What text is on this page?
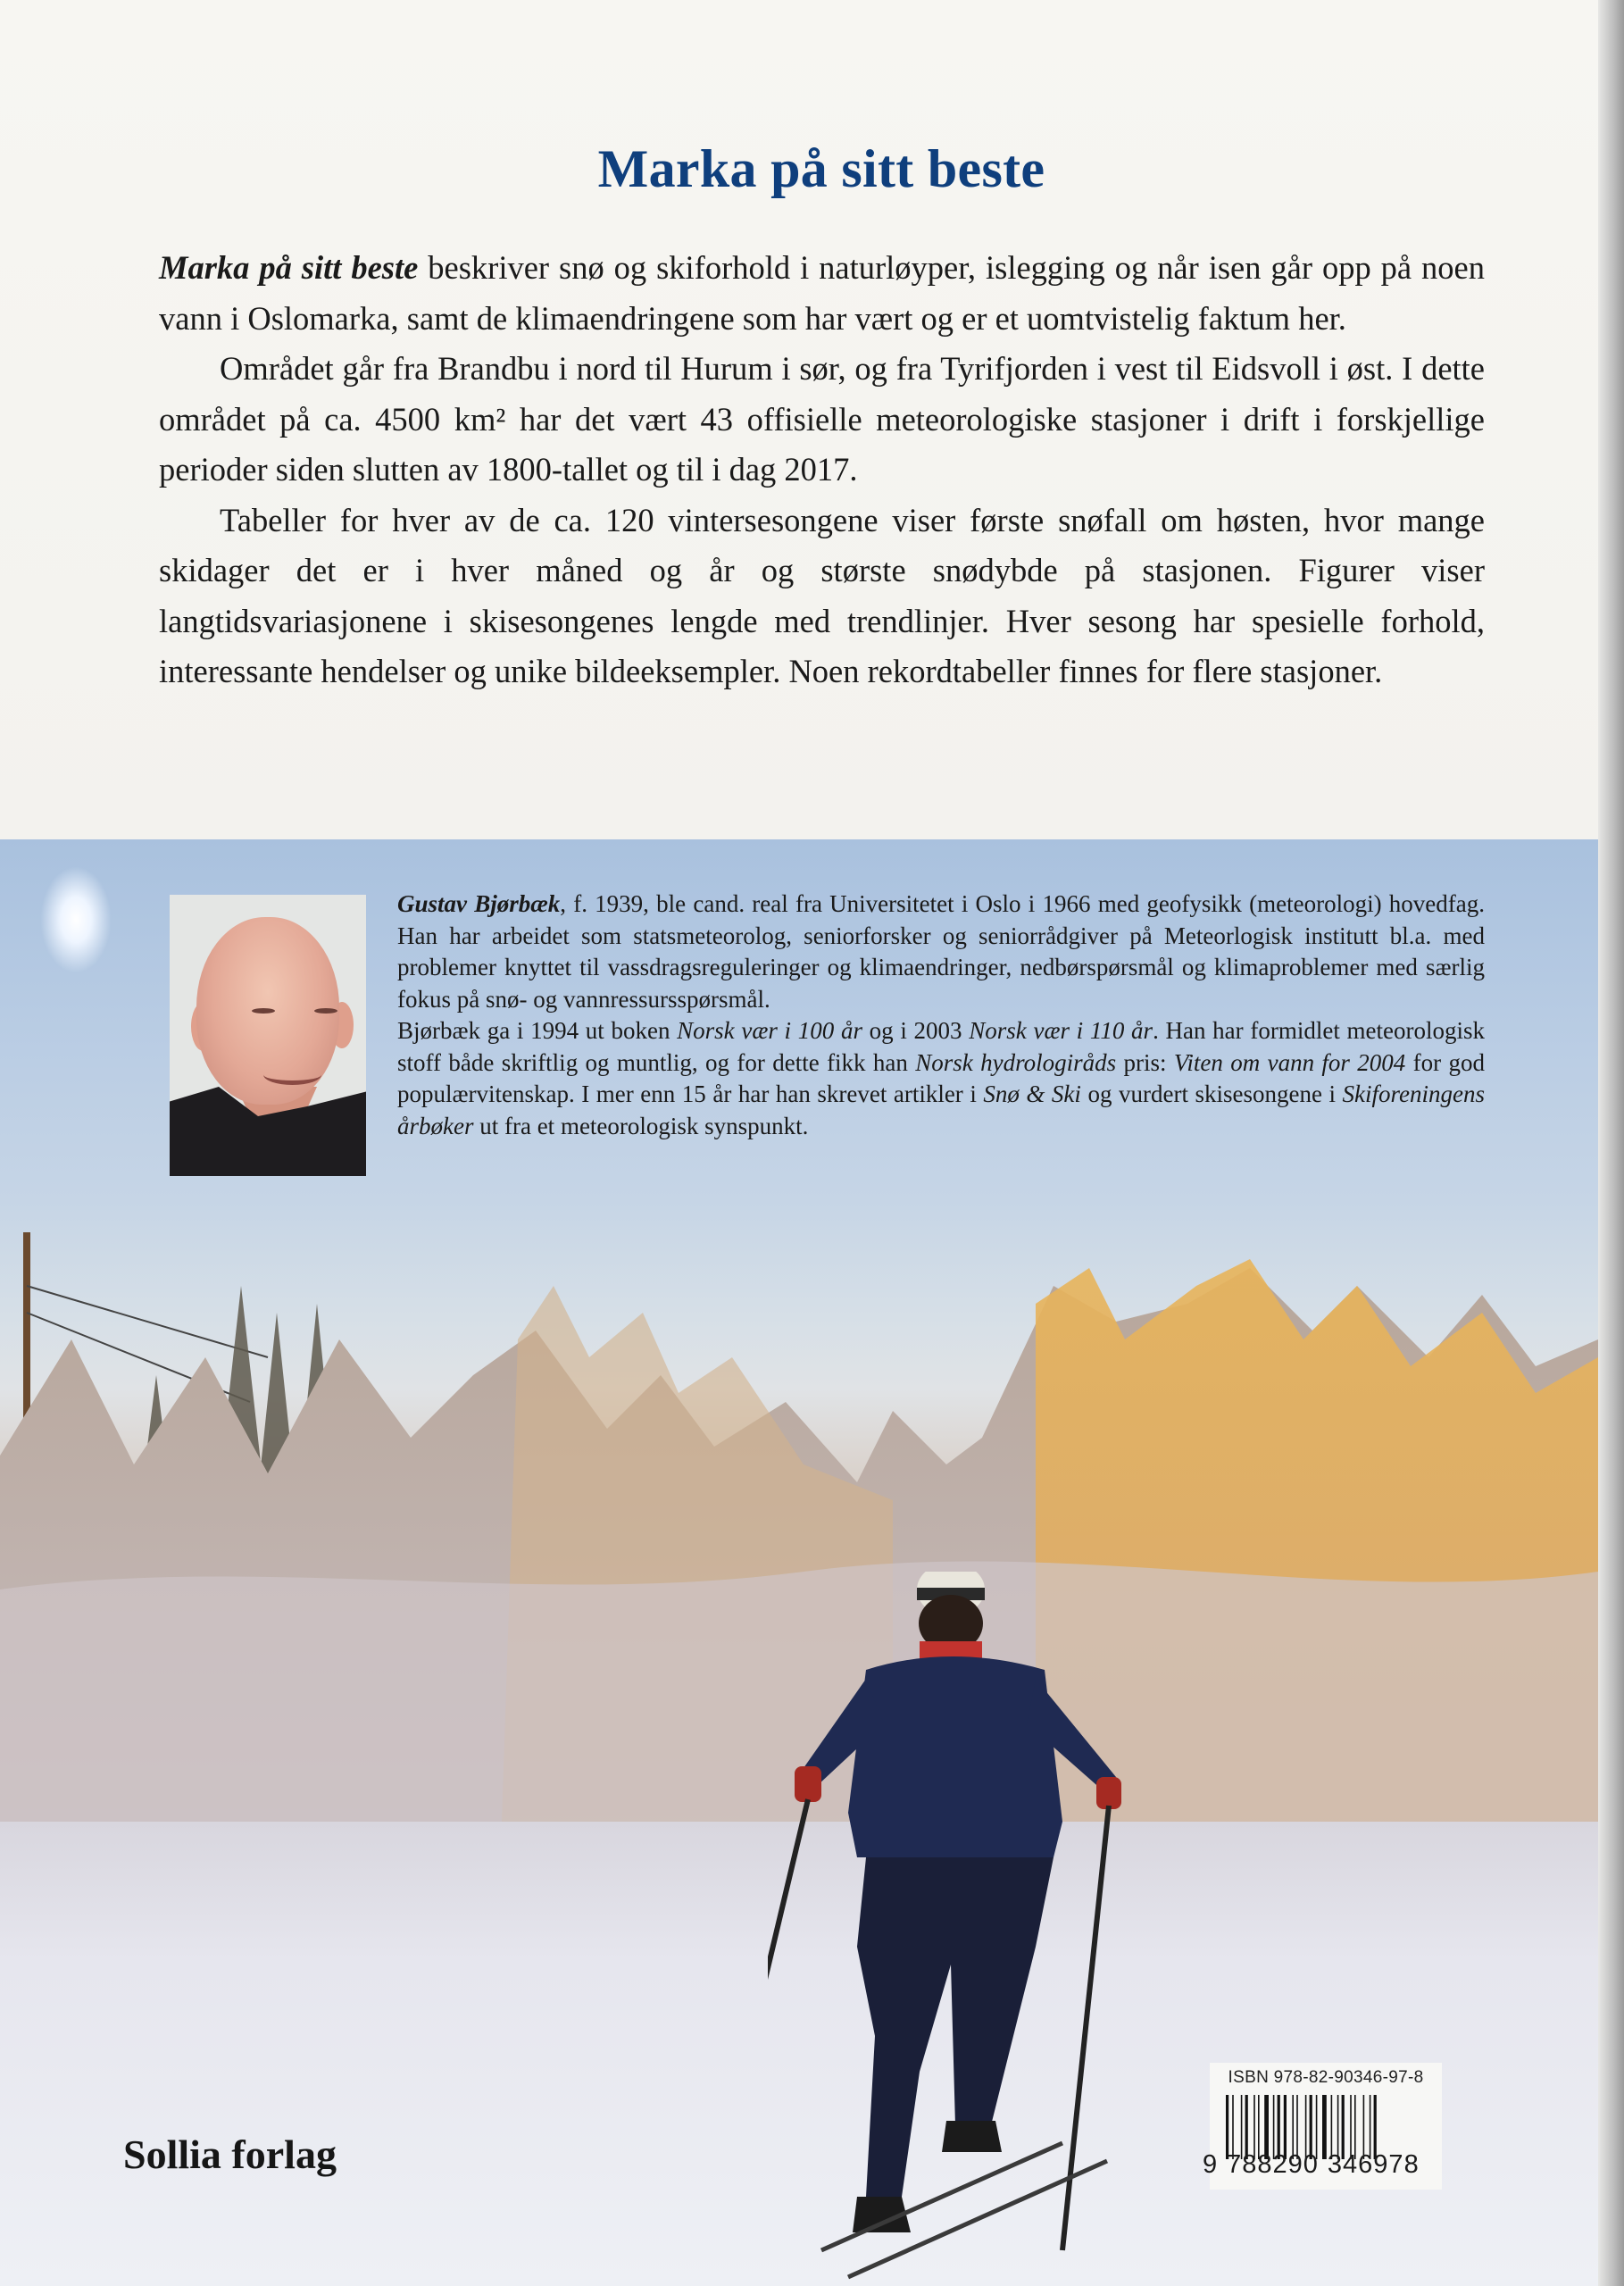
Marka på sitt beste

Marka på sitt beste beskriver snø og skiforhold i naturløyper, islegging og når isen går opp på noen vann i Oslomarka, samt de klimaendringene som har vært og er et uomtvistelig faktum her.

Området går fra Brandbu i nord til Hurum i sør, og fra Tyrifjorden i vest til Eidsvoll i øst. I dette området på ca. 4500 km² har det vært 43 offisielle meteorologiske stasjoner i drift i forskjellige perioder siden slutten av 1800-tallet og til i dag 2017.

Tabeller for hver av de ca. 120 vintersesongene viser første snøfall om høsten, hvor mange skidager det er i hver måned og år og største snødybde på stasjonen. Figurer viser langtidsvariasjonene i skisesongenes lengde med trendlinjer. Hver sesong har spesielle forhold, interessante hendelser og unike bildeeksempler. Noen rekordtabeller finnes for flere stasjoner.

Gustav Bjørbæk, f. 1939, ble cand. real fra Universitetet i Oslo i 1966 med geofysikk (meteorologi) hovedfag. Han har arbeidet som statsmeteorolog, seniorforsker og seniorrådgiver på Meteorlogisk institutt bl.a. med problemer knyttet til vassdragsreguleringer og klimaendringer, nedbørspørsmål og klimaproblemer med særlig fokus på snø- og vannressursspørsmål.
Bjørbæk ga i 1994 ut boken Norsk vær i 100 år og i 2003 Norsk vær i 110 år. Han har formidlet meteorologisk stoff både skriftlig og muntlig, og for dette fikk han Norsk hydrologiråds pris: Viten om vann for 2004 for god populærvitenskap. I mer enn 15 år har han skrevet artikler i Snø & Ski og vurdert skisesongene i Skiforeningens årbøker ut fra et meteorologisk synspunkt.
Sollia forlag
ISBN 978-82-90346-97-8
9 788290 346978
